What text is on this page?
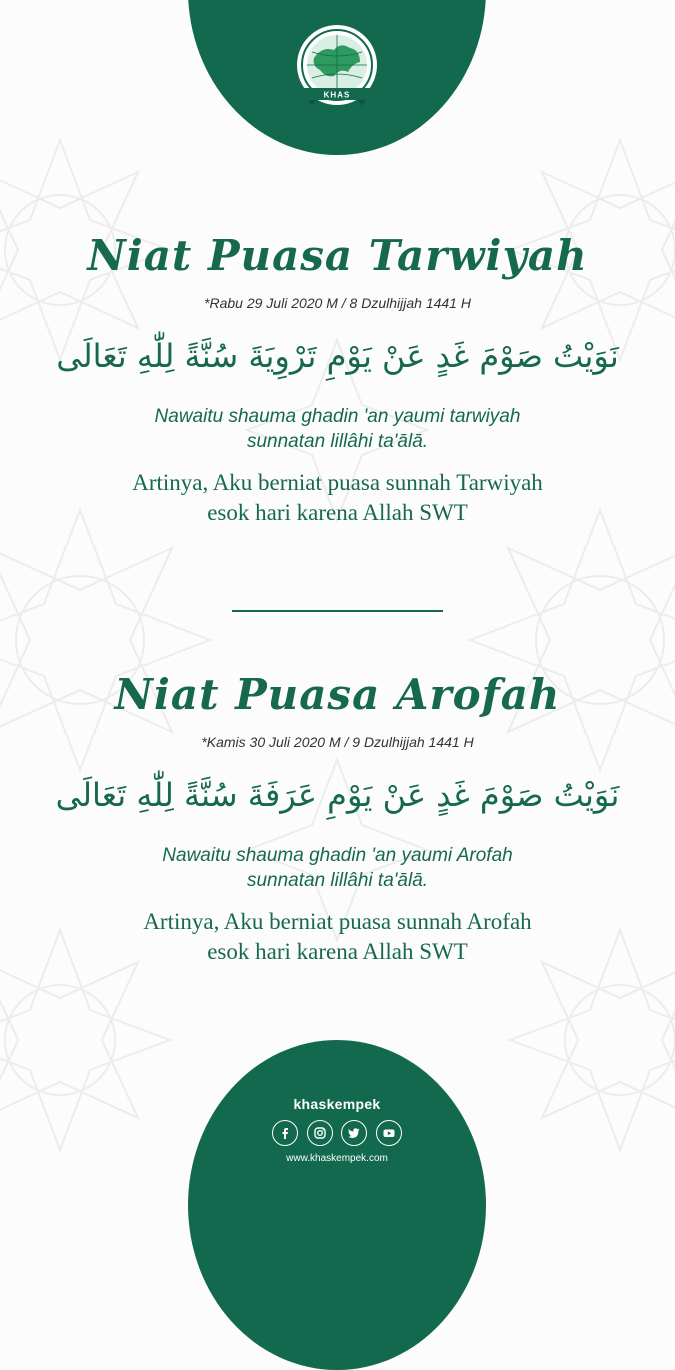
KHAS
Niat Puasa Tarwiyah
*Rabu 29 Juli 2020 M / 8 Dzulhijjah 1441 H
نَوَيْتُ صَوْمَ غَدٍ عَنْ يَوْمِ تَرْوِيَةَ سُنَّةً لِلّٰهِ تَعَالَى
Nawaitu shauma ghadin 'an yaumi tarwiyah
sunnatan lillâhi ta'ālā.
Artinya, Aku berniat puasa sunnah Tarwiyah
esok hari karena Allah SWT
Niat Puasa Arofah
*Kamis 30 Juli 2020 M / 9 Dzulhijjah 1441 H
نَوَيْتُ صَوْمَ غَدٍ عَنْ يَوْمِ عَرَفَةَ سُنَّةً لِلّٰهِ تَعَالَى
Nawaitu shauma ghadin 'an yaumi Arofah
sunnatan lillâhi ta'ālā.
Artinya, Aku berniat puasa sunnah Arofah
esok hari karena Allah SWT
khaskempek
www.khaskempek.com
